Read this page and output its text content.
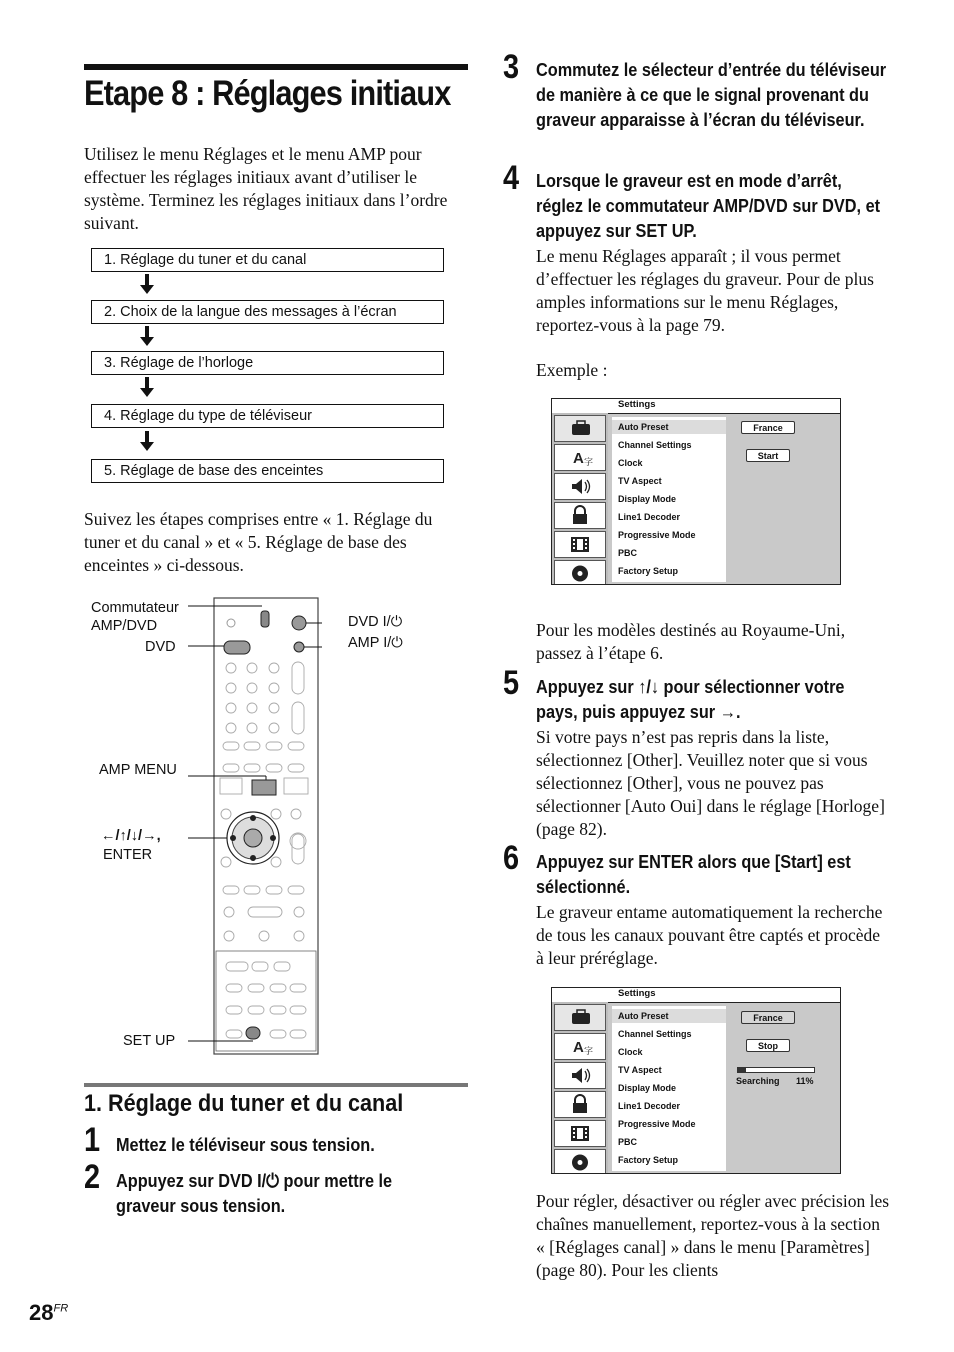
Etape 8 : Réglages initiaux
Utilisez le menu Réglages et le menu AMP pour effectuer les réglages initiaux avant d’utiliser le système. Terminez les réglages initiaux dans l’ordre suivant.
1. Réglage du tuner et du canal
2. Choix de la langue des messages à l’écran
3. Réglage de l’horloge
4. Réglage du type de téléviseur
5. Réglage de base des enceintes
Suivez les étapes comprises entre « 1. Réglage du tuner et du canal » et « 5. Réglage de base des enceintes » ci-dessous.
Commutateur
AMP/DVD
DVD
DVD I/⏻
AMP I/⏻
AMP MENU
←/↑/↓/→,
ENTER
SET UP
1. Réglage du tuner et du canal
1 Mettez le téléviseur sous tension.
2 Appuyez sur DVD I/⏻ pour mettre le
graveur sous tension.
$28^{FR}$
3 Commutez le sélecteur d’entrée du téléviseur de manière à ce que le signal provenant du graveur apparaisse à l’écran du téléviseur.
4 Lorsque le graveur est en mode d’arrêt, réglez le commutateur AMP/DVD sur DVD, et appuyez sur SET UP.
Le menu Réglages apparaît ; il vous permet d’effectuer les réglages du graveur. Pour de plus amples informations sur le menu Réglages, reportez-vous à la page 79.
Exemple :
Settings
A 字
Auto Preset
Channel Settings
Clock
TV Aspect
Display Mode
Line1 Decoder
Progressive Mode
PBC
Factory Setup
France
Start
Pour les modèles destinés au Royaume-Uni, passez à l’étape 6.
5 Appuyez sur ↑/↓ pour sélectionner votre
pays, puis appuyez sur →.
Si votre pays n’est pas repris dans la liste, sélectionnez [Other]. Veuillez noter que si vous sélectionnez [Other], vous ne pouvez pas sélectionner [Auto Oui] dans le réglage [Horloge] (page 82).
6 Appuyez sur ENTER alors que [Start] est sélectionné.
Le graveur entame automatiquement la recherche de tous les canaux pouvant être captés et procède à leur préréglage.
Settings
A 字
Auto Preset
Channel Settings
Clock
TV Aspect
Display Mode
Line1 Decoder
Progressive Mode
PBC
Factory Setup
France
Stop
Searching 11%
Pour régler, désactiver ou régler avec précision les chaînes manuellement, reportez-vous à la section « [Réglages canal] » dans le menu [Paramètres] (page 80). Pour les clients
